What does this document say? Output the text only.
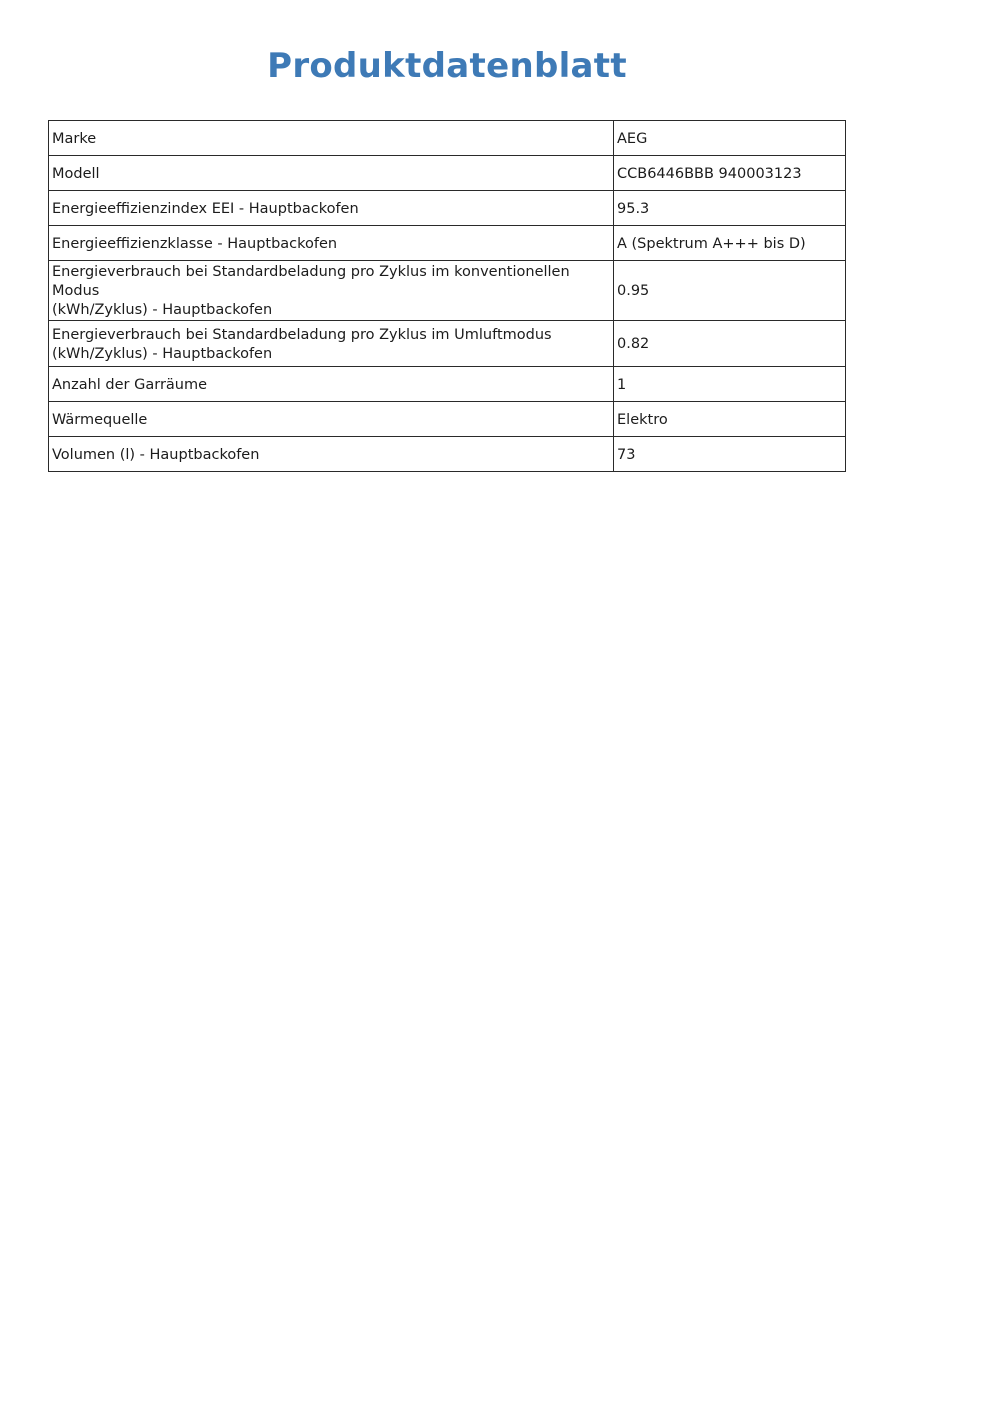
Produktdatenblatt
Marke	AEG
Modell	CCB6446BBB 940003123
Energieeffizienzindex EEI - Hauptbackofen	95.3
Energieeffizienzklasse - Hauptbackofen	A (Spektrum A+++ bis D)

Energieverbrauch bei Standardbeladung pro Zyklus im konventionellen Modus
(kWh/Zyklus) - Hauptbackofen	0.95

Energieverbrauch bei Standardbeladung pro Zyklus im Umluftmodus
(kWh/Zyklus) - Hauptbackofen	0.82
Anzahl der Garräume	1
Wärmequelle	Elektro
Volumen (l) - Hauptbackofen	73
